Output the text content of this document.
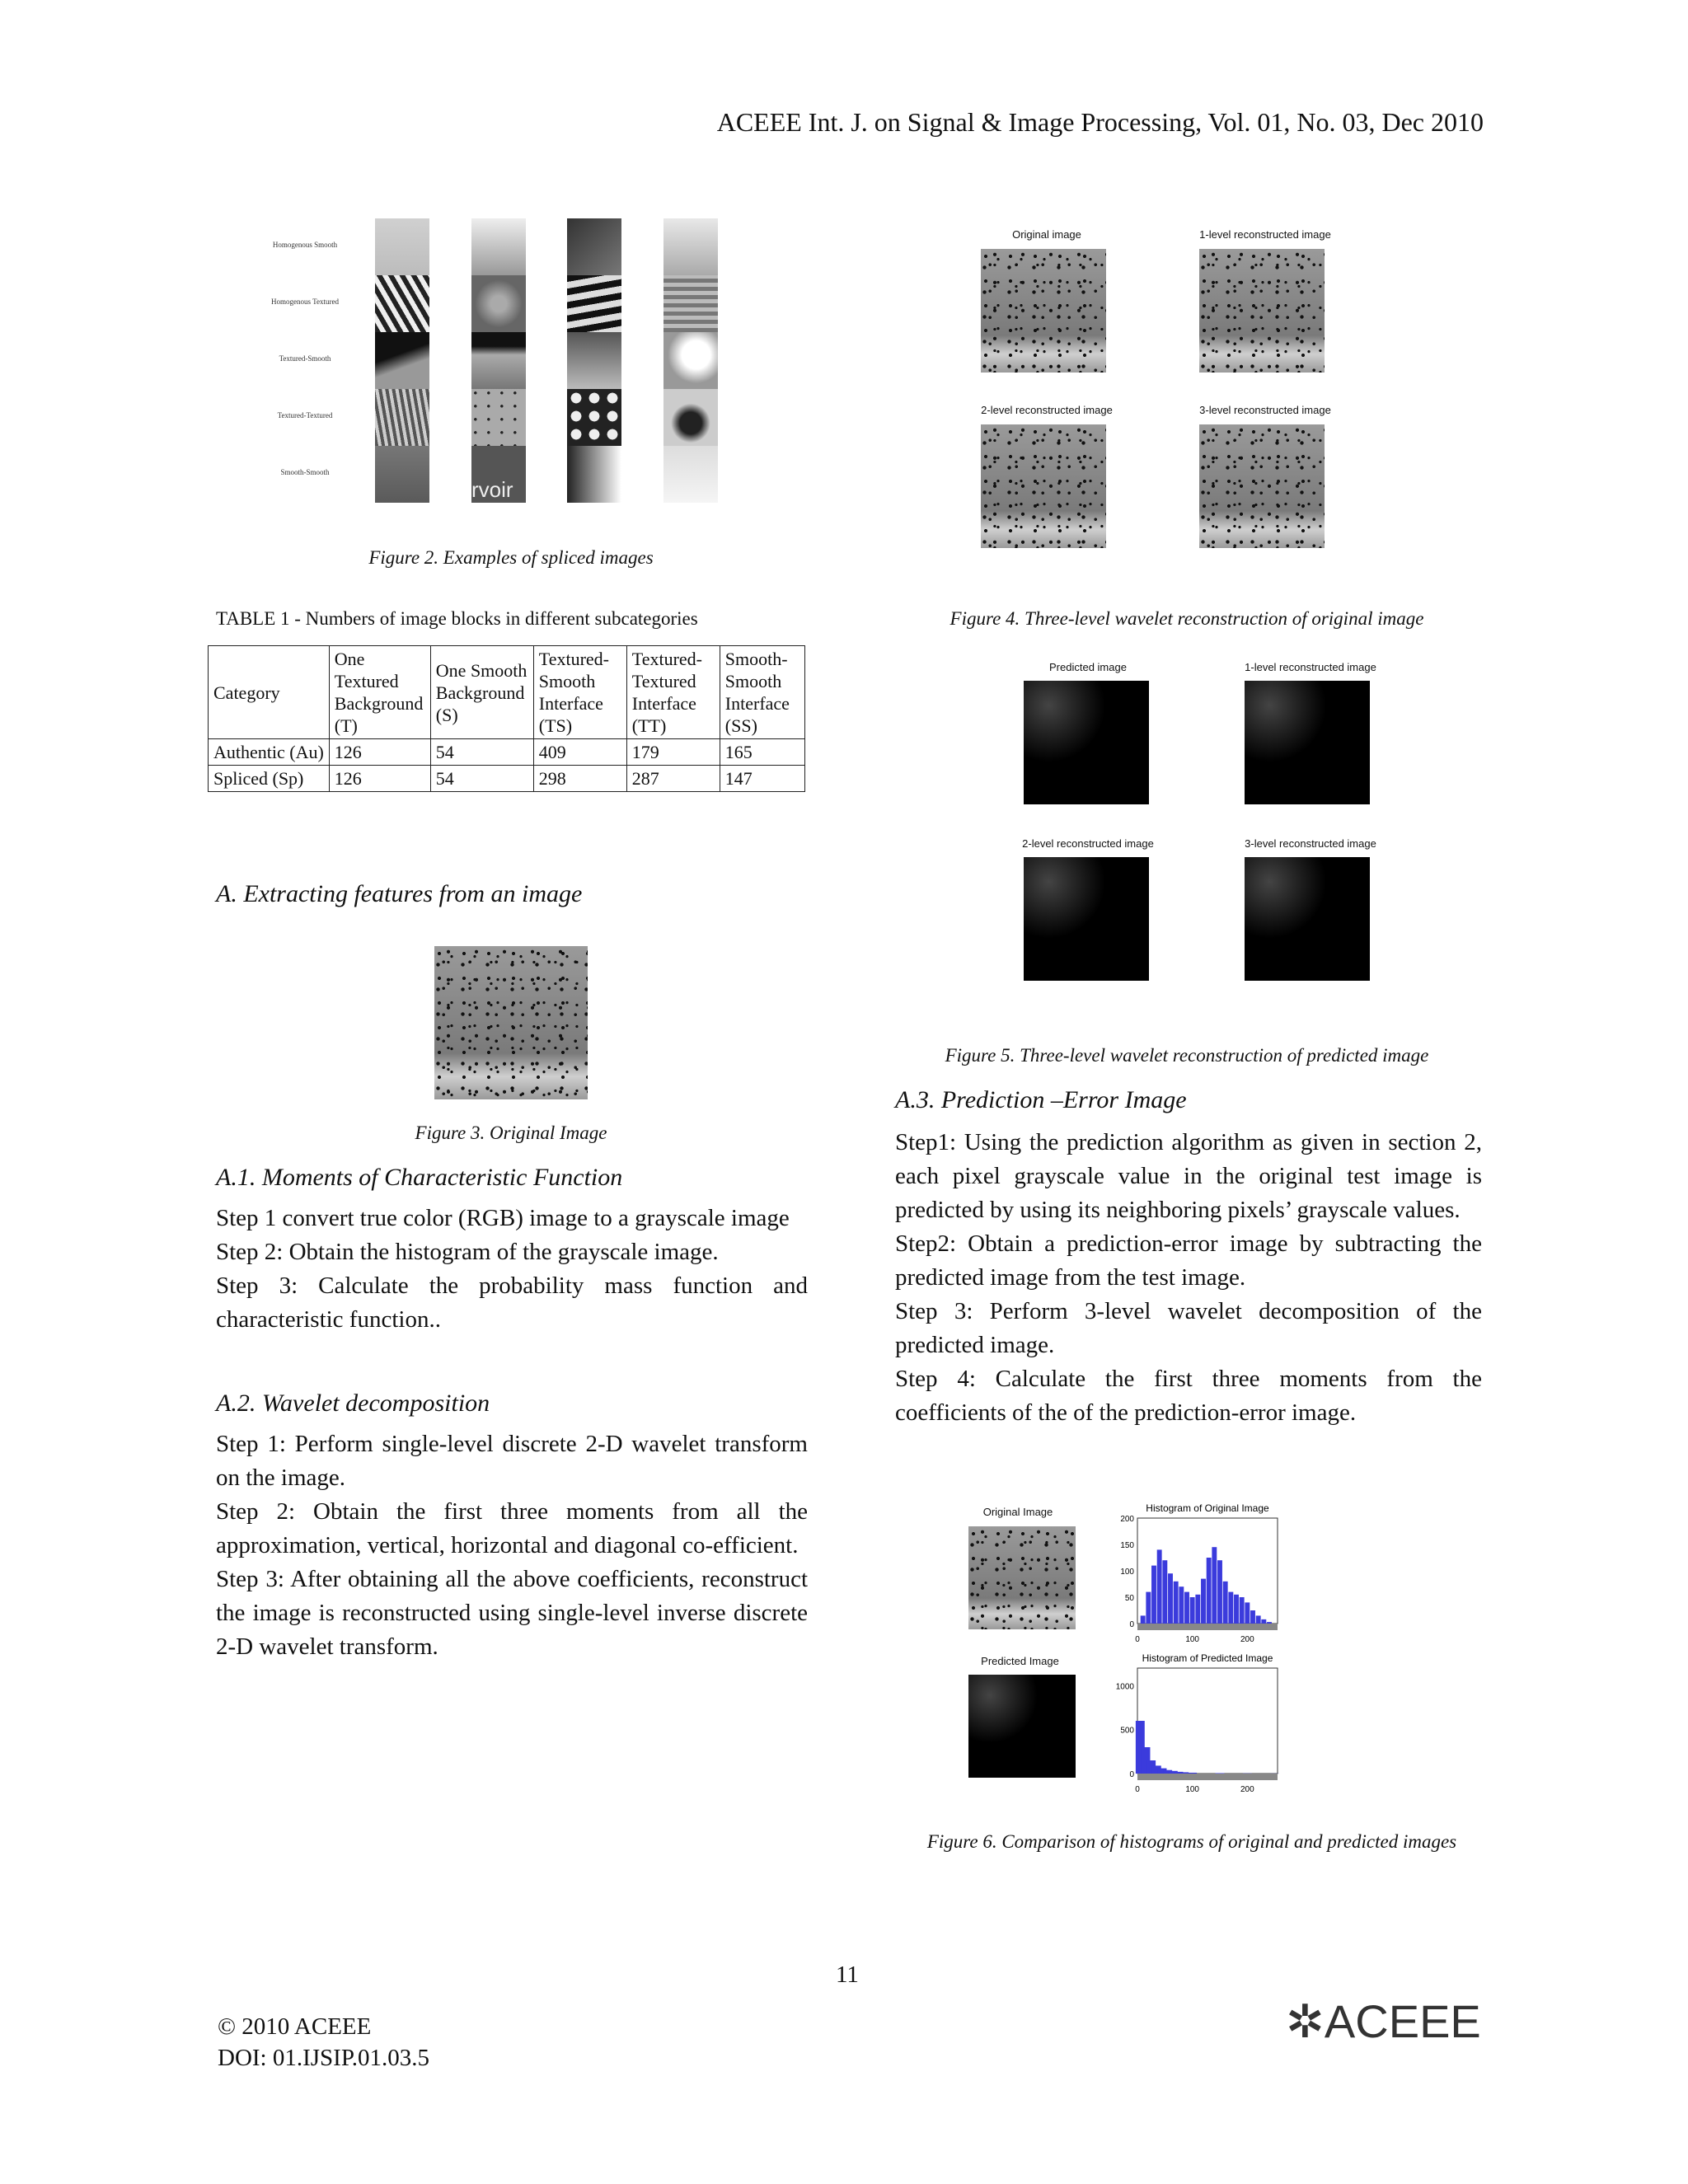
ACEEE Int. J. on Signal & Image Processing, Vol. 01, No. 03, Dec 2010
Homogenous Smooth
Homogenous Textured
Textured-Smooth
Textured-Textured
Smooth-Smooth
rvoir
Figure 2. Examples of spliced images
TABLE 1 - Numbers of image blocks in different subcategories
Category	One Textured Background (T)	One Smooth Background (S)	Textured-Smooth Interface (TS)	Textured-Textured Interface (TT)	Smooth-Smooth Interface (SS)
Authentic (Au)	126	54	409	179	165
Spliced (Sp)	126	54	298	287	147
A. Extracting features from an image
Figure 3. Original Image
A.1. Moments of Characteristic Function

Step 1 convert true color (RGB) image to a grayscale image

Step 2: Obtain the histogram of the grayscale image.

Step 3: Calculate the probability mass function and characteristic function..

A.2. Wavelet decomposition

Step 1: Perform single-level discrete 2-D wavelet transform on the image.

Step 2: Obtain the first three moments from all the approximation, vertical, horizontal and diagonal co-efficient.

Step 3: After obtaining all the above coefficients, reconstruct the image is reconstructed using single-level inverse discrete 2-D wavelet transform.

Original image	1-level reconstructed image
2-level reconstructed image	3-level reconstructed image
Figure 4. Three-level wavelet reconstruction of original image
Predicted image	1-level reconstructed image
2-level reconstructed image	3-level reconstructed image
Figure 5. Three-level wavelet reconstruction of predicted image
A.3. Prediction –Error Image

Step1: Using the prediction algorithm as given in section 2, each pixel grayscale value in the original test image is predicted by using its neighboring pixels’ grayscale values.

Step2: Obtain a prediction-error image by subtracting the predicted image from the test image.

Step 3: Perform 3-level wavelet decomposition of the predicted image.

Step 4: Calculate the first three moments from the coefficients of the of the prediction-error image.

Original Image
Predicted Image
Histogram of Original Image
0
50
100
150
200
0	100	200
Histogram of Predicted Image
0
500
1000
0	100	200
Figure 6. Comparison of histograms of original and predicted images
11
© 2010 ACEEE
DOI: 01.IJSIP.01.03.5
✲ACEEE
